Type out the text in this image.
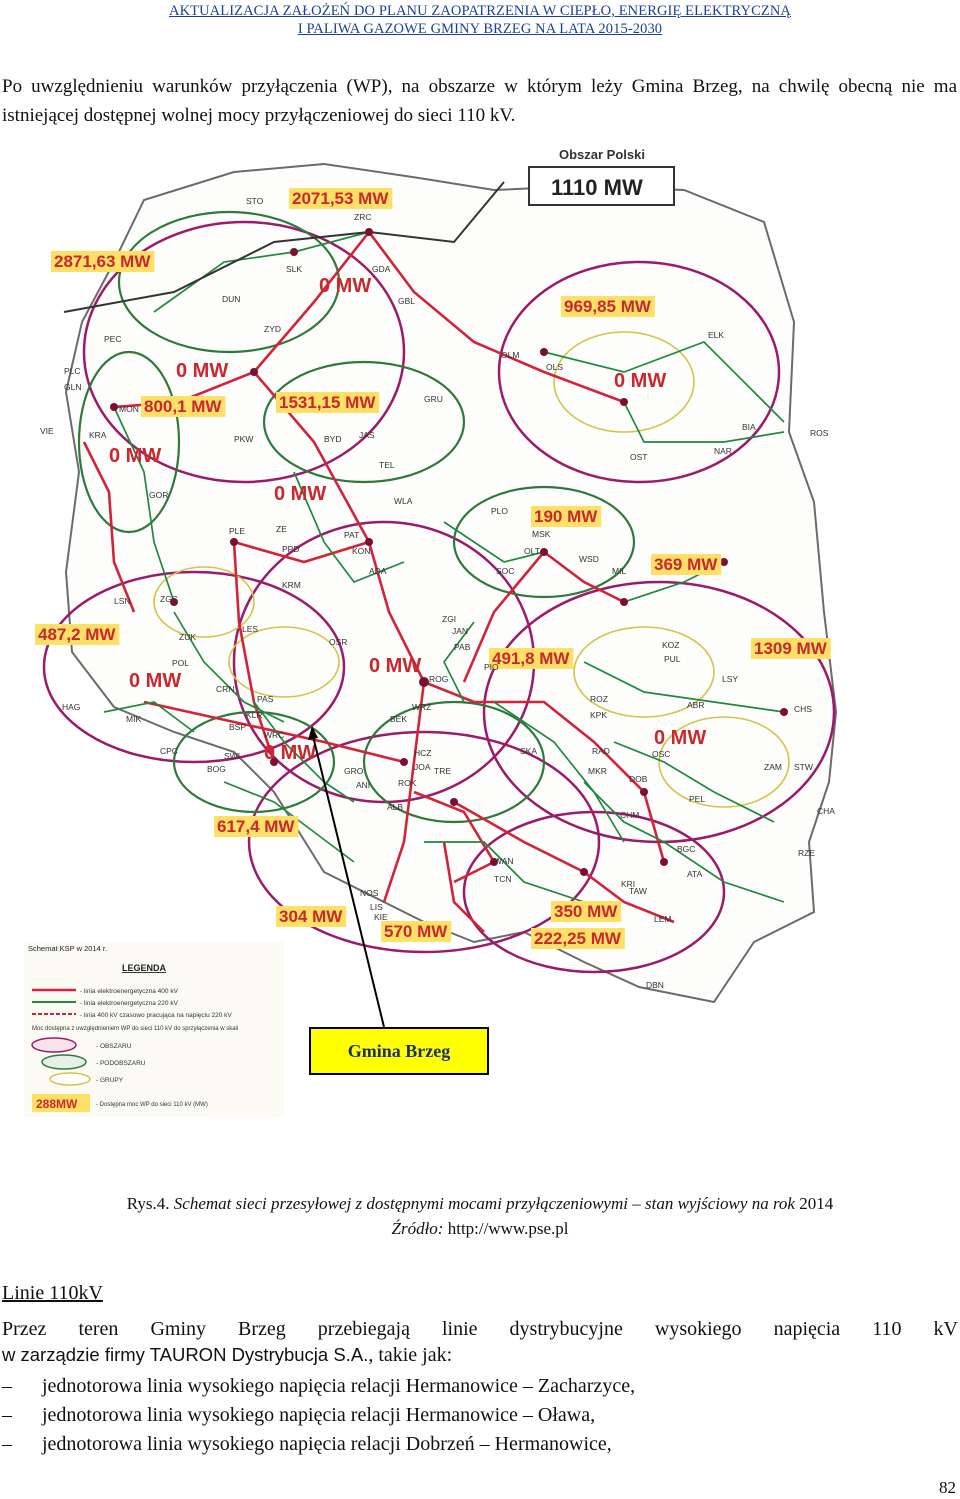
AKTUALIZACJA ZAŁOŻEŃ DO PLANU ZAOPATRZENIA W CIEPŁO, ENERGIĘ ELEKTRYCZNĄ
I PALIWA GAZOWE GMINY BRZEG NA LATA 2015-2030
Po uwzględnieniu warunków przyłączenia (WP), na obszarze w którym leży Gmina Brzeg, na chwilę obecną nie ma istniejącej dostępnej wolnej mocy przyłączeniowej do sieci 110 kV.
Obszar Polski
1110 MW
2071,53 MW
2871,63 MW
969,85 MW
800,1 MW	1531,15 MW
190 MW
369 MW
487,2 MW
491,8 MW
1309 MW
617,4 MW
304 MW
570 MW
350 MW
222,25 MW
0 MW
0 MW	0 MW
0 MW
0 MW
0 MW
0 MW
0 MW
0 MW
STO
ZRC
SLK	GDA
GBL
DUN
ZYD
PEC
PLC
GLN
MON
VIE	KRA
GOR
OLM
OLS
ELK
GRU
PKW	BYD JAS
TEL
OST
NAR
BIA
ROS
WLA
PLO
MSK
OLT
SOC
WSD
MIL
PLE	ZE
PPD
PAT
KON
ADA
KRM
LSN	ZGC
LES
ZUK
POL
CRN
HAG
MIK
CPC
BOG
SWI
PAS
WRC
BSP
KLR
OSR
ROG
JAN
ZGI
PAB
PIO
KOZ
PUL
LSY
ABR	CHS
ROZ
KPK
OSC
RAD
MKR	ZAM STW
PEL
CHM
DOB
CHA
RZE
BGC
ATA
TAW
KRI
LEM
DBN
GRO
ANI
HCZ
JOA TRE
BEK
WRZ
ROK
ALB
NOS
LIS
KIE
SKA
WAN
TCN
Schemat KSP w 2014 r.
LEGENDA
- linia elektroenergetyczna 400 kV
- linia elektroenergetyczna 220 kV
- linia 400 kV czasowo pracująca na napięciu 220 kV
Moc dostępna z uwzględnieniem WP do sieci 110 kV do sprzyłączenia w skali
- OBSZARU
- PODOBSZARU
- GRUPY
288MW	- Dostępna moc WP do sieci 110 kV (MW)
Gmina Brzeg
Rys.4. Schemat sieci przesyłowej z dostępnymi mocami przyłączeniowymi – stan wyjściowy na rok 2014
Źródło: http://www.pse.pl
Linie 110kV
Przez teren Gminy Brzeg przebiegają linie dystrybucyjne wysokiego napięcia 110 kV
w zarządzie firmy TAURON Dystrybucja S.A., takie jak:
– jednotorowa linia wysokiego napięcia relacji Hermanowice – Zacharzyce,
– jednotorowa linia wysokiego napięcia relacji Hermanowice – Oława,
– jednotorowa linia wysokiego napięcia relacji Dobrzeń – Hermanowice,
82
